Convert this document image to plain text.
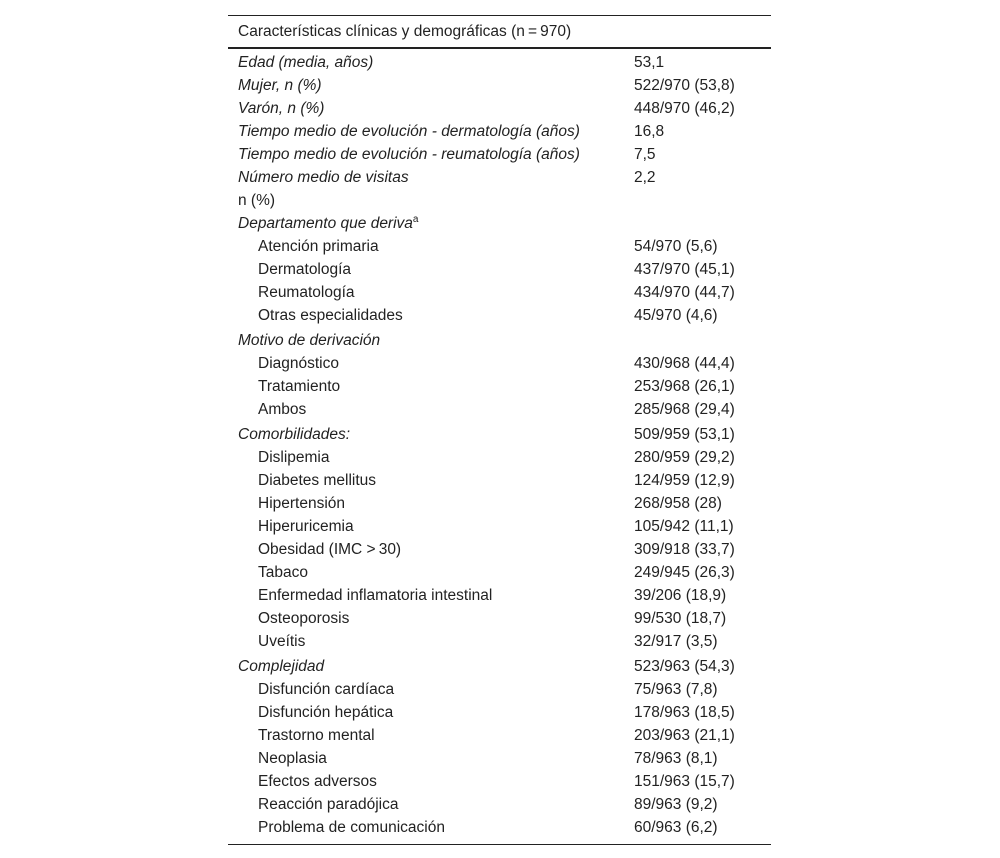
Características clínicas y demográficas (n = 970)
Edad (media, años)	53,1
Mujer, n (%)	522/970 (53,8)
Varón, n (%)	448/970 (46,2)
Tiempo medio de evolución - dermatología (años)	16,8
Tiempo medio de evolución - reumatología (años)	7,5
Número medio de visitas	2,2
n (%)
Departamento que deriva$^a$
Atención primaria	54/970 (5,6)
Dermatología	437/970 (45,1)
Reumatología	434/970 (44,7)
Otras especialidades	45/970 (4,6)
Motivo de derivación
Diagnóstico	430/968 (44,4)
Tratamiento	253/968 (26,1)
Ambos	285/968 (29,4)
Comorbilidades:	509/959 (53,1)
Dislipemia	280/959 (29,2)
Diabetes mellitus	124/959 (12,9)
Hipertensión	268/958 (28)
Hiperuricemia	105/942 (11,1)
Obesidad (IMC > 30)	309/918 (33,7)
Tabaco	249/945 (26,3)
Enfermedad inflamatoria intestinal	39/206 (18,9)
Osteoporosis	99/530 (18,7)
Uveítis	32/917 (3,5)
Complejidad	523/963 (54,3)
Disfunción cardíaca	75/963 (7,8)
Disfunción hepática	178/963 (18,5)
Trastorno mental	203/963 (21,1)
Neoplasia	78/963 (8,1)
Efectos adversos	151/963 (15,7)
Reacción paradójica	89/963 (9,2)
Problema de comunicación	60/963 (6,2)
